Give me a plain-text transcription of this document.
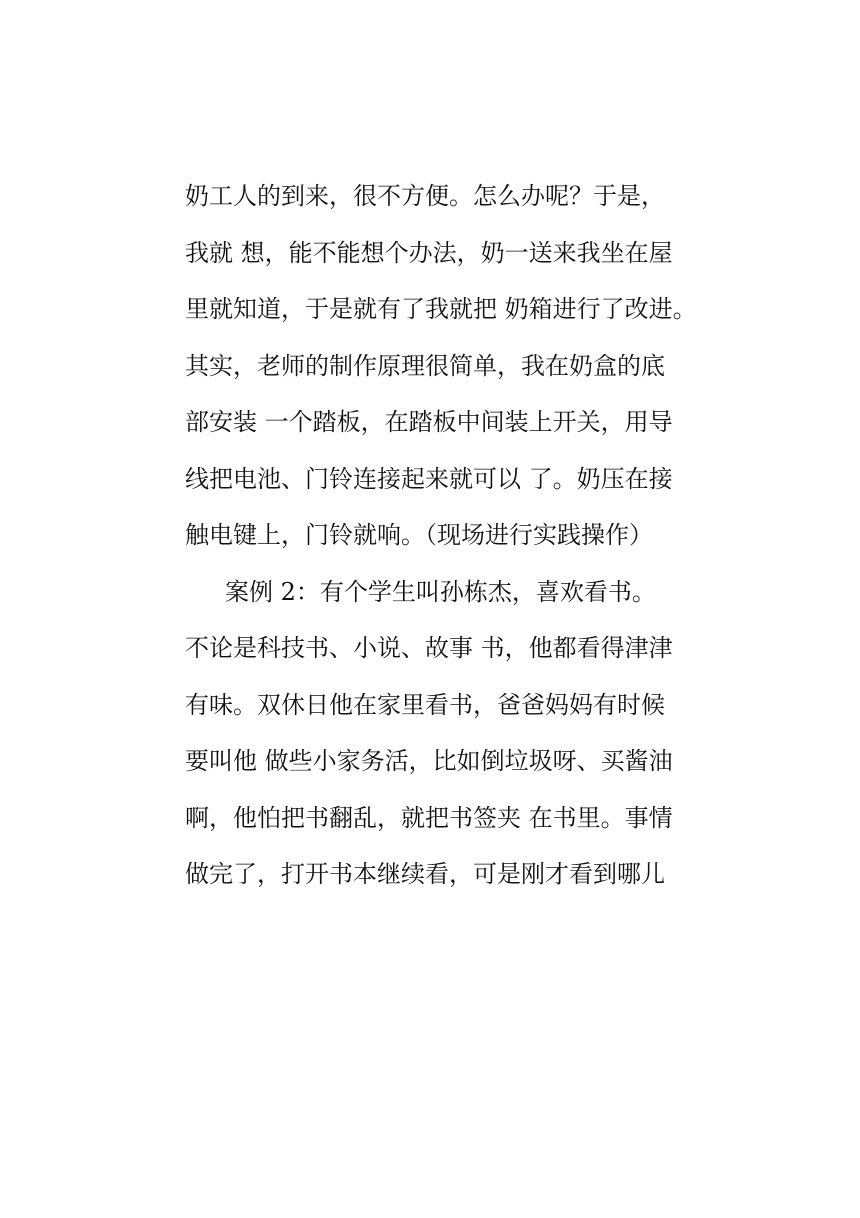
奶工人的到来，很不方便。怎么办呢？于是，
我就 想，能不能想个办法，奶一送来我坐在屋
里就知道，于是就有了我就把 奶箱进行了改进。
其实，老师的制作原理很简单，我在奶盒的底
部安装 一个踏板，在踏板中间装上开关，用导
线把电池、门铃连接起来就可以 了。奶压在接
触电键上，门铃就响。（现场进行实践操作）
案例 2：有个学生叫孙栋杰，喜欢看书。
不论是科技书、小说、故事 书，他都看得津津
有味。双休日他在家里看书，爸爸妈妈有时候
要叫他 做些小家务活，比如倒垃圾呀、买酱油
啊，他怕把书翻乱，就把书签夹 在书里。事情
做完了，打开书本继续看，可是刚才看到哪儿
